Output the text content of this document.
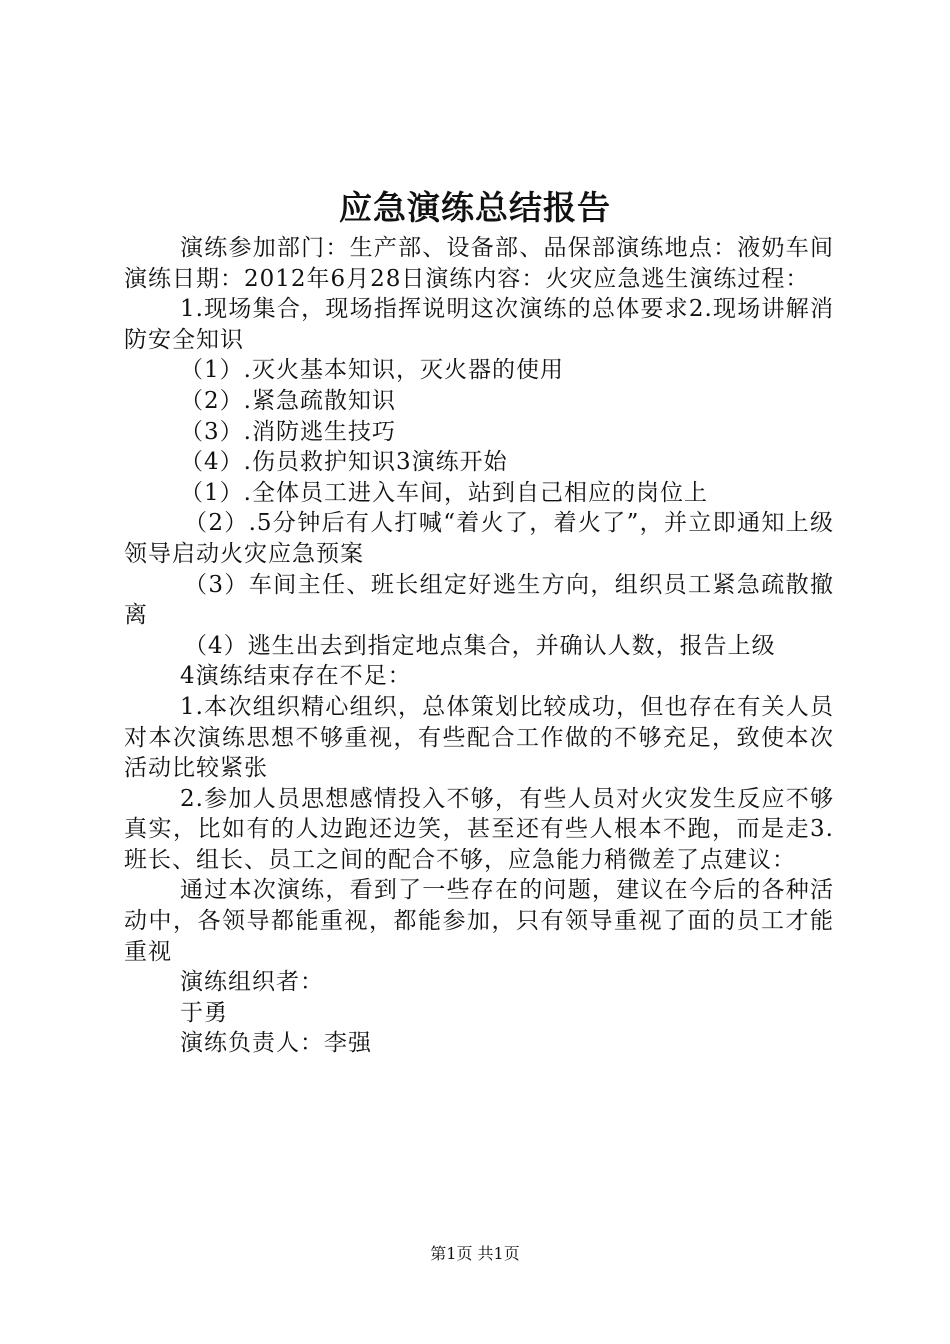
应急演练总结报告

演练参加部门：生产部、设备部、品保部演练地点：液奶车间演练日期：2012年6月28日演练内容：火灾应急逃生演练过程：

1.现场集合，现场指挥说明这次演练的总体要求2.现场讲解消防安全知识

（1）.灭火基本知识，灭火器的使用

（2）.紧急疏散知识

（3）.消防逃生技巧

（4）.伤员救护知识3演练开始

（1）.全体员工进入车间，站到自己相应的岗位上

（2）.5分钟后有人打喊“着火了，着火了”，并立即通知上级领导启动火灾应急预案

（3）车间主任、班长组定好逃生方向，组织员工紧急疏散撤离

（4）逃生出去到指定地点集合，并确认人数，报告上级

4演练结束存在不足：

1.本次组织精心组织，总体策划比较成功，但也存在有关人员对本次演练思想不够重视，有些配合工作做的不够充足，致使本次活动比较紧张

2.参加人员思想感情投入不够，有些人员对火灾发生反应不够真实，比如有的人边跑还边笑，甚至还有些人根本不跑，而是走3.班长、组长、员工之间的配合不够，应急能力稍微差了点建议：

通过本次演练，看到了一些存在的问题，建议在今后的各种活动中，各领导都能重视，都能参加，只有领导重视了面的员工才能重视

演练组织者：

于勇

演练负责人：李强

第1页 共1页
